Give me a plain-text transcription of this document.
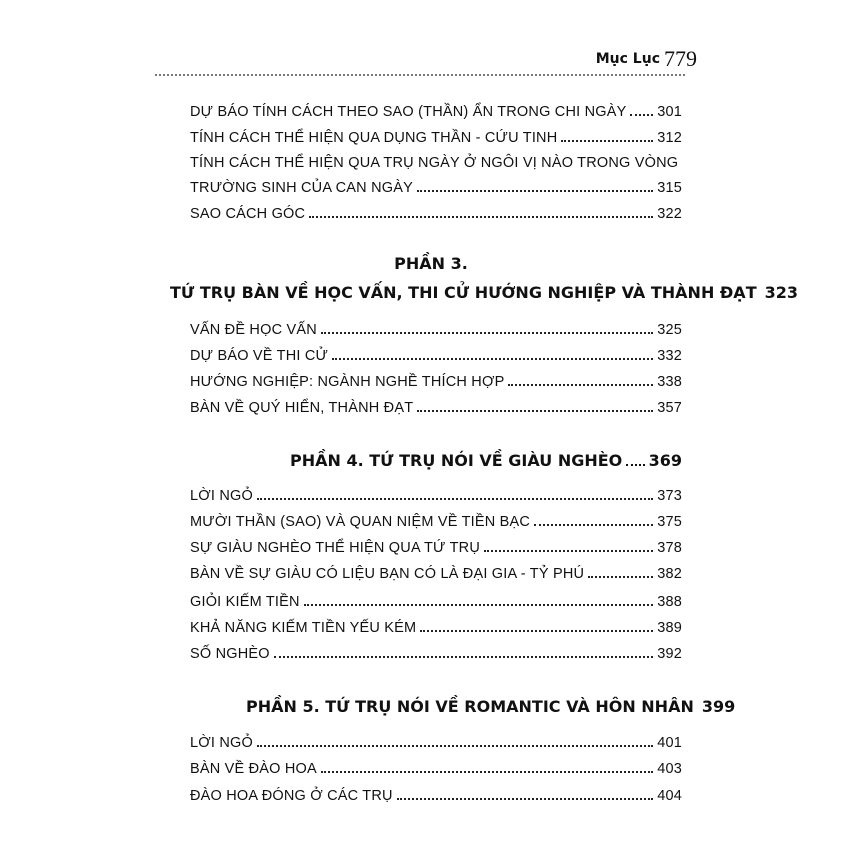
Mục Lục 779
DỰ BÁO TÍNH CÁCH THEO SAO (THẦN) ẨN TRONG CHI NGÀY 301
TÍNH CÁCH THỂ HIỆN QUA DỤNG THẦN - CỨU TINH	312
TÍNH CÁCH THỂ HIỆN QUA TRỤ NGÀY Ở NGÔI VỊ NÀO TRONG VÒNG
TRƯỜNG SINH CỦA CAN NGÀY	315
SAO CÁCH GÓC	322
PHẦN 3.
TỨ TRỤ BÀN VỀ HỌC VẤN, THI CỬ HƯỚNG NGHIỆP VÀ THÀNH ĐẠT 323
VẤN ĐỀ HỌC VẤN	325
DỰ BÁO VỀ THI CỬ	332
HƯỚNG NGHIỆP: NGÀNH NGHỀ THÍCH HỢP	338
BÀN VỀ QUÝ HIỂN, THÀNH ĐẠT	357
PHẦN 4. TỨ TRỤ NÓI VỀ GIÀU NGHÈO 369
LỜI NGỎ	373
MƯỜI THẦN (SAO) VÀ QUAN NIỆM VỀ TIỀN BẠC	375
SỰ GIÀU NGHÈO THỂ HIỆN QUA TỨ TRỤ	378
BÀN VỀ SỰ GIÀU CÓ LIỆU BẠN CÓ LÀ ĐẠI GIA - TỶ PHÚ	382
GIỎI KIẾM TIỀN	388
KHẢ NĂNG KIẾM TIỀN YẾU KÉM	389
SỐ NGHÈO	392
PHẦN 5. TỨ TRỤ NÓI VỀ ROMANTIC VÀ HÔN NHÂN 399
LỜI NGỎ	401
BÀN VỀ ĐÀO HOA	403
ĐÀO HOA ĐÓNG Ở CÁC TRỤ	404
